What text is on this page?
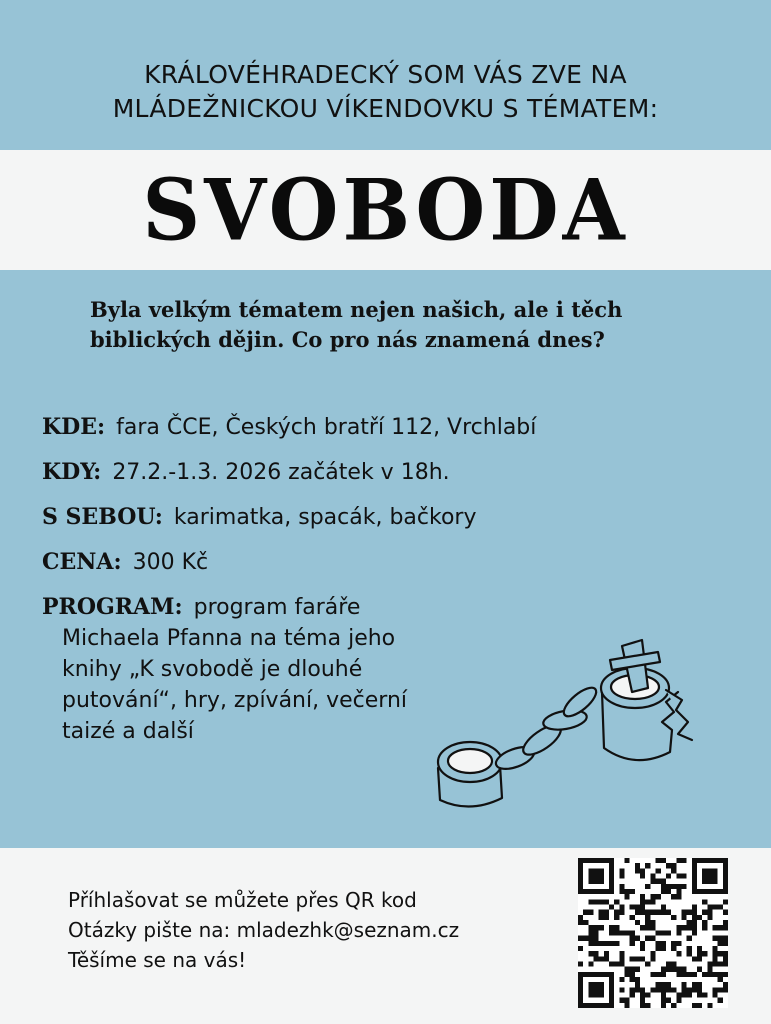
KRÁLOVÉHRADECKÝ SOM VÁS ZVE NA
MLÁDEŽNICKOU VÍKENDOVKU S TÉMATEM:
SVOBODA
Byla velkým tématem nejen našich, ale i těch
biblických dějin. Co pro nás znamená dnes?
KDE: fara ČCE, Českých bratří 112, Vrchlabí
KDY: 27.2.-1.3. 2026 začátek v 18h.
S SEBOU: karimatka, spacák, bačkory
CENA: 300 Kč
PROGRAM: program faráře
Michaela Pfanna na téma jeho
knihy „K svobodě je dlouhé
putování“, hry, zpívání, večerní
taizé a další
Příhlašovat se můžete přes QR kod
Otázky pište na: mladezhk@seznam.cz
Těšíme se na vás!
